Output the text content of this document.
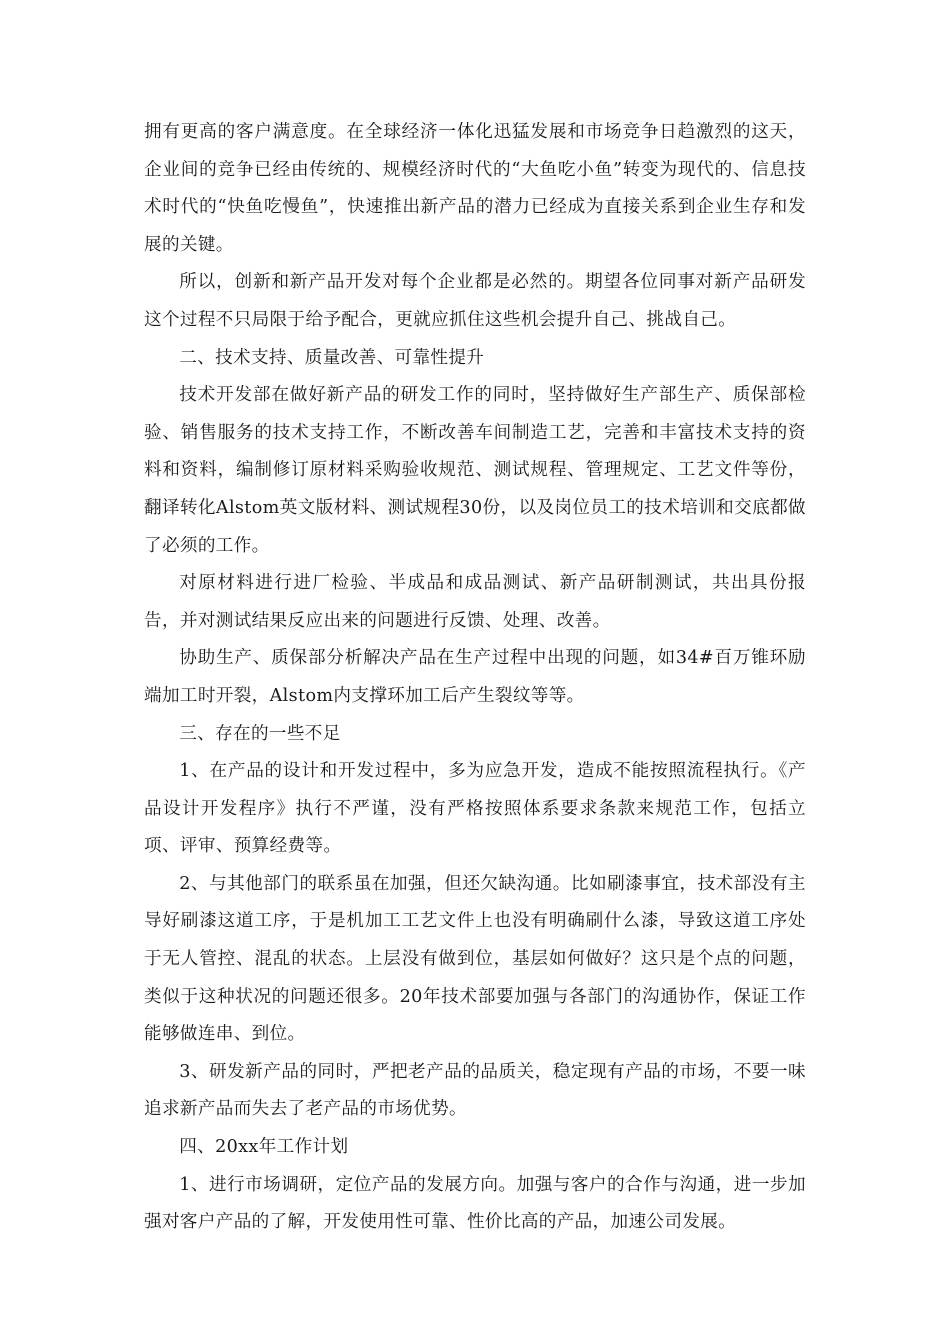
拥有更高的客户满意度。在全球经济一体化迅猛发展和市场竞争日趋激烈的这天，企业间的竞争已经由传统的、规模经济时代的“大鱼吃小鱼”转变为现代的、信息技术时代的“快鱼吃慢鱼”，快速推出新产品的潜力已经成为直接关系到企业生存和发展的关键。

所以，创新和新产品开发对每个企业都是必然的。期望各位同事对新产品研发这个过程不只局限于给予配合，更就应抓住这些机会提升自己、挑战自己。

二、技术支持、质量改善、可靠性提升

技术开发部在做好新产品的研发工作的同时，坚持做好生产部生产、质保部检验、销售服务的技术支持工作，不断改善车间制造工艺，完善和丰富技术支持的资料和资料，编制修订原材料采购验收规范、测试规程、管理规定、工艺文件等份，翻译转化Alstom英文版材料、测试规程30份，以及岗位员工的技术培训和交底都做了必须的工作。

对原材料进行进厂检验、半成品和成品测试、新产品研制测试，共出具份报告，并对测试结果反应出来的问题进行反馈、处理、改善。

协助生产、质保部分析解决产品在生产过程中出现的问题，如34#百万锥环励端加工时开裂，Alstom内支撑环加工后产生裂纹等等。

三、存在的一些不足

1、在产品的设计和开发过程中，多为应急开发，造成不能按照流程执行。《产品设计开发程序》执行不严谨，没有严格按照体系要求条款来规范工作，包括立项、评审、预算经费等。

2、与其他部门的联系虽在加强，但还欠缺沟通。比如刷漆事宜，技术部没有主导好刷漆这道工序，于是机加工工艺文件上也没有明确刷什么漆，导致这道工序处于无人管控、混乱的状态。上层没有做到位，基层如何做好？这只是个点的问题，类似于这种状况的问题还很多。20年技术部要加强与各部门的沟通协作，保证工作能够做连串、到位。

3、研发新产品的同时，严把老产品的品质关，稳定现有产品的市场，不要一味追求新产品而失去了老产品的市场优势。

四、20xx年工作计划

1、进行市场调研，定位产品的发展方向。加强与客户的合作与沟通，进一步加强对客户产品的了解，开发使用性可靠、性价比高的产品，加速公司发展。
